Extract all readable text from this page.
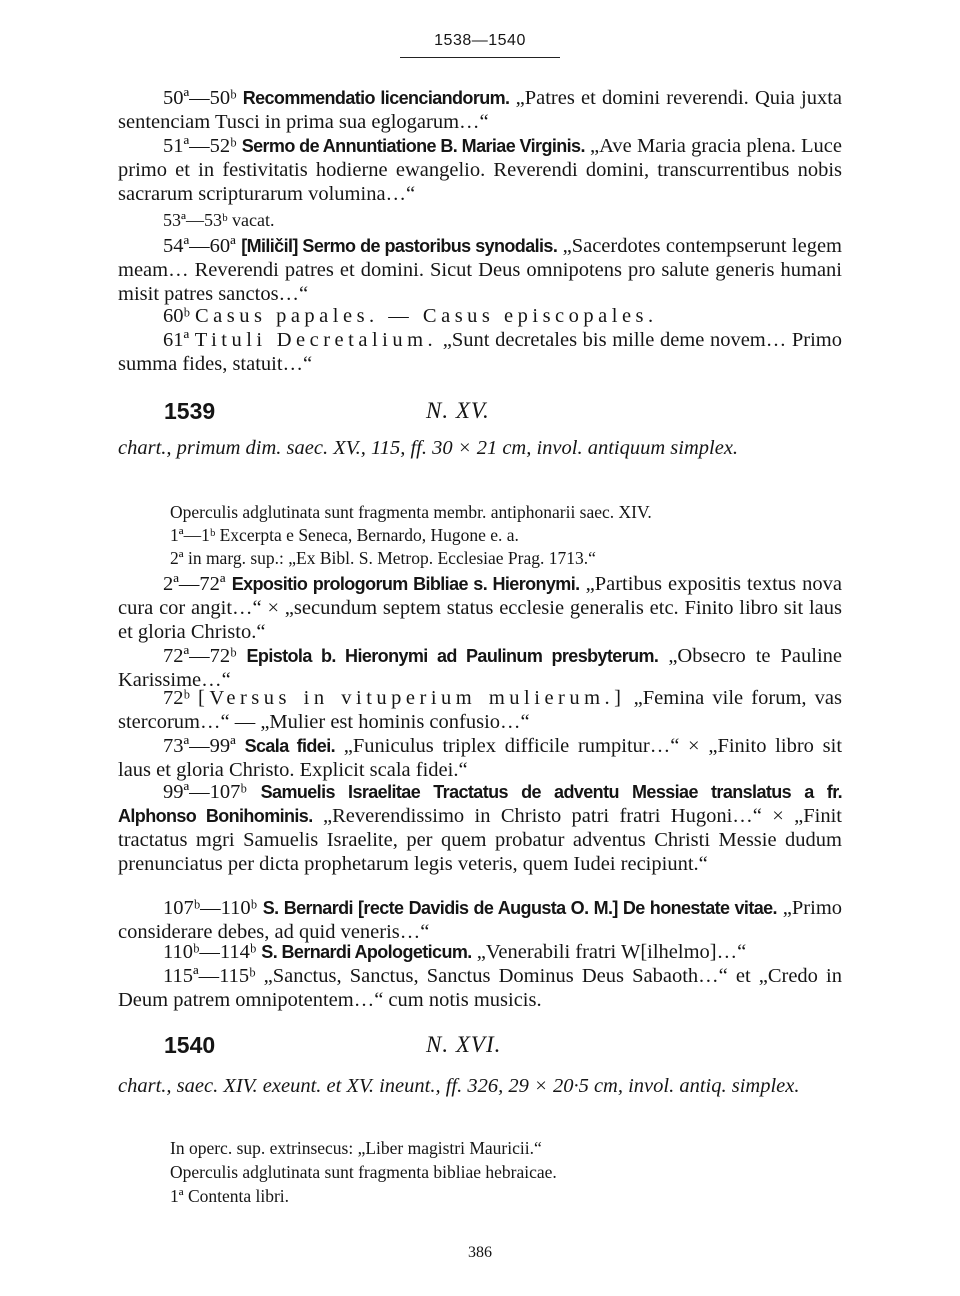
1538—1540

50ª—50ᵇ Recommendatio licenciandorum. „Patres et domini reverendi. Quia juxta sentenciam Tusci in prima sua eglogarum…“

51ª—52ᵇ Sermo de Annuntiatione B. Mariae Virginis. „Ave Maria gracia plena. Luce primo et in festivitatis hodierne ewangelio. Reverendi domini, transcurrentibus nobis sacrarum scripturarum volumina…“

53ª—53ᵇ vacat.

54ª—60ª [Miličil] Sermo de pastoribus synodalis. „Sacerdotes contempserunt legem meam… Reverendi patres et domini. Sicut Deus omnipotens pro salute generis humani misit patres sanctos…“

60ᵇ Casus papales. — Casus episcopales.

61ª Tituli Decretalium. „Sunt decretales bis mille deme novem… Primo summa fides, statuit…“

1539	N. XV.

chart., primum dim. saec. XV., 115, ff. 30 × 21 cm, invol. antiquum simplex.

Operculis adglutinata sunt fragmenta membr. antiphonarii saec. XIV.

1ª—1ᵇ Excerpta e Seneca, Bernardo, Hugone e. a.

2ª in marg. sup.: „Ex Bibl. S. Metrop. Ecclesiae Prag. 1713.“

2ª—72ª Expositio prologorum Bibliae s. Hieronymi. „Partibus expositis textus nova cura cor angit…“ × „secundum septem status ecclesie generalis etc. Finito libro sit laus et gloria Christo.“

72ª—72ᵇ Epistola b. Hieronymi ad Paulinum presbyterum. „Obsecro te Pauline Karissime…“

72ᵇ [Versus in vituperium mulierum.] „Femina vile forum, vas stercorum…“ — „Mulier est hominis confusio…“

73ª—99ª Scala fidei. „Funiculus triplex difficile rumpitur…“ × „Finito libro sit laus et gloria Christo. Explicit scala fidei.“

99ª—107ᵇ Samuelis Israelitae Tractatus de adventu Messiae translatus a fr. Alphonso Bonihominis. „Reverendissimo in Christo patri fratri Hugoni…“ × „Finit tractatus mgri Samuelis Israelite, per quem probatur adventus Christi Messie dudum prenunciatus per dicta prophetarum legis veteris, quem Iudei recipiunt.“

107ᵇ—110ᵇ S. Bernardi [recte Davidis de Augusta O. M.] De honestate vitae. „Primo considerare debes, ad quid veneris…“

110ᵇ—114ᵇ S. Bernardi Apologeticum. „Venerabili fratri W[ilhelmo]…“

115ª—115ᵇ „Sanctus, Sanctus, Sanctus Dominus Deus Sabaoth…“ et „Credo in Deum patrem omnipotentem…“ cum notis musicis.

1540	N. XVI.

chart., saec. XIV. exeunt. et XV. ineunt., ff. 326, 29 × 20·5 cm, invol. antiq. simplex.

In operc. sup. extrinsecus: „Liber magistri Mauricii.“

Operculis adglutinata sunt fragmenta bibliae hebraicae.

1ª Contenta libri.

386
